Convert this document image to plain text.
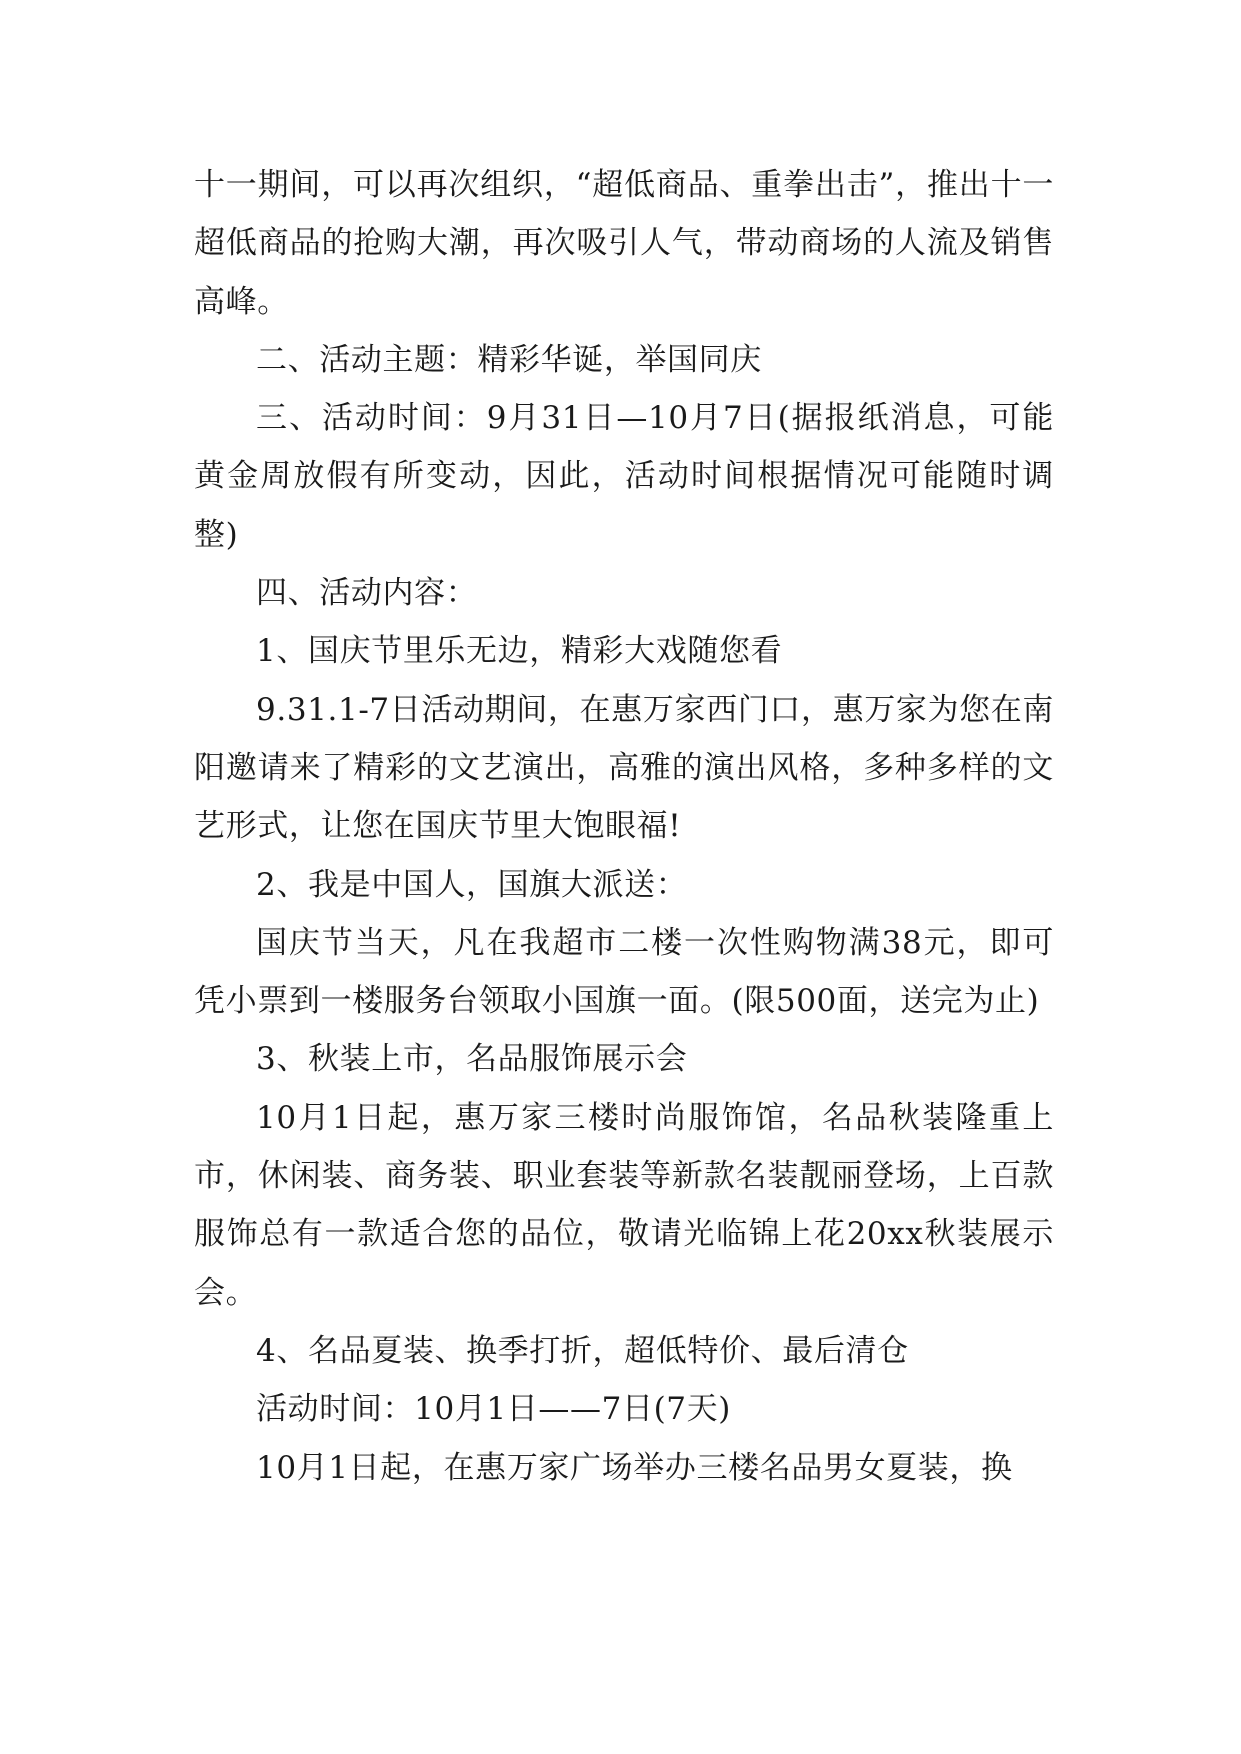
十一期间，可以再次组织，“超低商品、重拳出击”，推出十一超低商品的抢购大潮，再次吸引人气，带动商场的人流及销售高峰。

二、活动主题：精彩华诞，举国同庆

三、活动时间：9月31日—10月7日(据报纸消息，可能黄金周放假有所变动，因此，活动时间根据情况可能随时调整)

四、活动内容：

1、国庆节里乐无边，精彩大戏随您看

9.31.1-7日活动期间，在惠万家西门口，惠万家为您在南阳邀请来了精彩的文艺演出，高雅的演出风格，多种多样的文艺形式，让您在国庆节里大饱眼福!

2、我是中国人，国旗大派送：

国庆节当天，凡在我超市二楼一次性购物满38元，即可凭小票到一楼服务台领取小国旗一面。(限500面，送完为止)

3、秋装上市，名品服饰展示会

10月1日起，惠万家三楼时尚服饰馆，名品秋装隆重上市，休闲装、商务装、职业套装等新款名装靓丽登场，上百款服饰总有一款适合您的品位，敬请光临锦上花20xx秋装展示会。

4、名品夏装、换季打折，超低特价、最后清仓

活动时间：10月1日——7日(7天)

10月1日起，在惠万家广场举办三楼名品男女夏装，换
